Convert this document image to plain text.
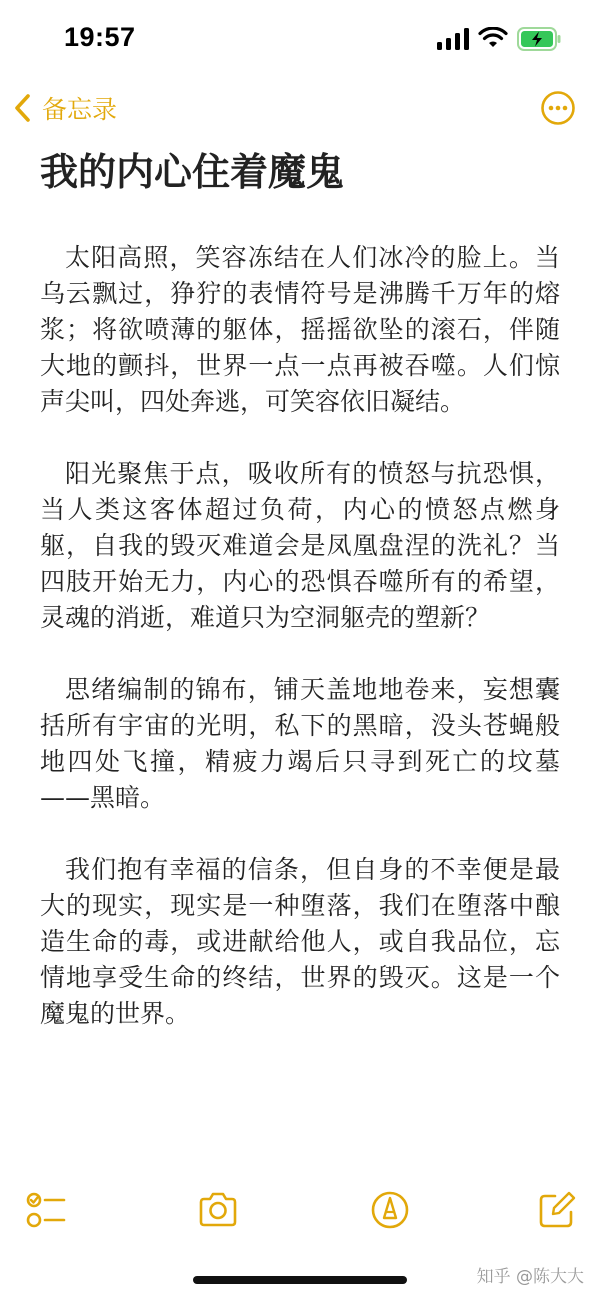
19:57
备忘录
我的内心住着魔鬼

太阳高照，笑容冻结在人们冰冷的脸上。当乌云飘过，狰狞的表情符号是沸腾千万年的熔浆；将欲喷薄的躯体，摇摇欲坠的滚石，伴随大地的颤抖，世界一点一点再被吞噬。人们惊声尖叫，四处奔逃，可笑容依旧凝结。

阳光聚焦于点，吸收所有的愤怒与抗恐惧，当人类这客体超过负荷，内心的愤怒点燃身躯，自我的毁灭难道会是凤凰盘涅的洗礼？当四肢开始无力，内心的恐惧吞噬所有的希望，灵魂的消逝，难道只为空洞躯壳的塑新？

思绪编制的锦布，铺天盖地地卷来，妄想囊括所有宇宙的光明，私下的黑暗，没头苍蝇般地四处飞撞，精疲力竭后只寻到死亡的坟墓——黑暗。

我们抱有幸福的信条，但自身的不幸便是最大的现实，现实是一种堕落，我们在堕落中酿造生命的毒，或进献给他人，或自我品位，忘情地享受生命的终结，世界的毁灭。这是一个魔鬼的世界。

知乎 @陈大大
